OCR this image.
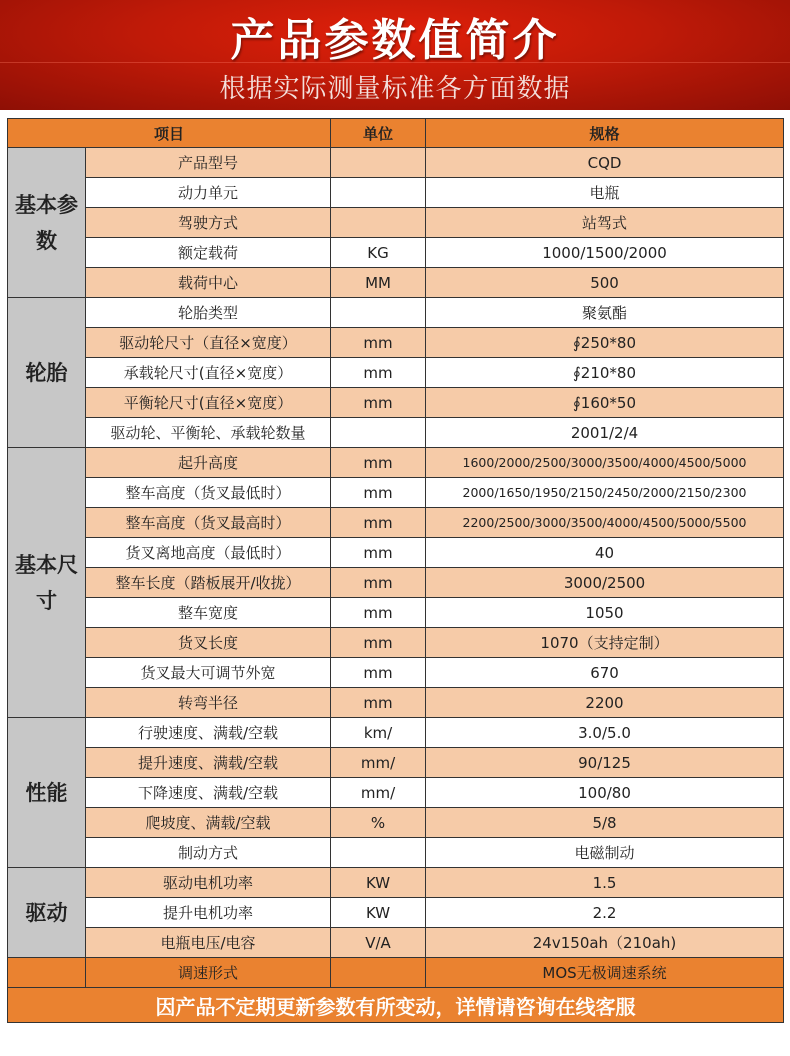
产品参数值简介
根据实际测量标准各方面数据
项目		单位	规格
基本参数	产品型号		CQD
	动力单元		电瓶
	驾驶方式		站驾式
	额定载荷	KG	1000/1500/2000
	载荷中心	MM	500
轮胎	轮胎类型		聚氨酯
	驱动轮尺寸（直径×宽度）	mm	∮250*80
	承载轮尺寸(直径×宽度）	mm	∮210*80
	平衡轮尺寸(直径×宽度）	mm	∮160*50
	驱动轮、平衡轮、承载轮数量		2001/2/4
基本尺寸	起升高度	mm	1600/2000/2500/3000/3500/4000/4500/5000
	整车高度（货叉最低时）	mm	2000/1650/1950/2150/2450/2000/2150/2300
	整车高度（货叉最高时）	mm	2200/2500/3000/3500/4000/4500/5000/5500
	货叉离地高度（最低时）	mm	40
	整车长度（踏板展开/收拢）	mm	3000/2500
	整车宽度	mm	1050
	货叉长度	mm	1070（支持定制）
	货叉最大可调节外宽	mm	670
	转弯半径	mm	2200
性能	行驶速度、满载/空载	km/	3.0/5.0
	提升速度、满载/空载	mm/	90/125
	下降速度、满载/空载	mm/	100/80
	爬坡度、满载/空载	%	5/8
	制动方式		电磁制动
驱动	驱动电机功率	KW	1.5
	提升电机功率	KW	2.2
	电瓶电压/电容	V/A	24v150ah（210ah)
	调速形式		MOS无极调速系统
因产品不定期更新参数有所变动，详情请咨询在线客服			
